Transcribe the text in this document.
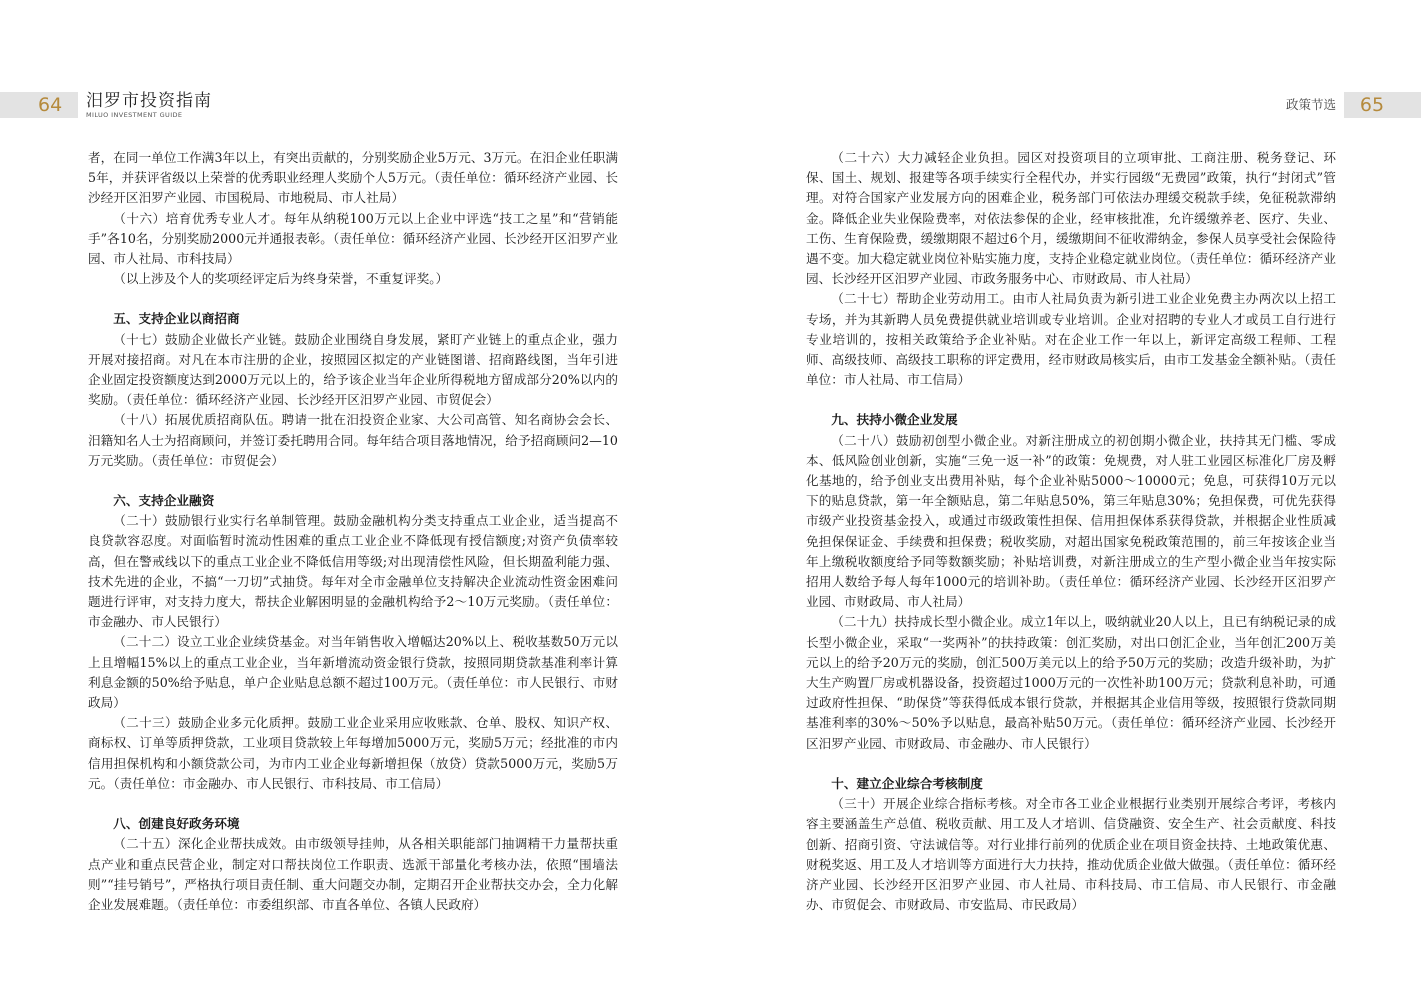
64	汨罗市投资指南
MILUO INVESTMENT GUIDE
政策节选	65

者，在同一单位工作满3年以上，有突出贡献的，分别奖励企业5万元、3万元。在汨企业任职满5年，并获评省级以上荣誉的优秀职业经理人奖励个人5万元。（责任单位：循环经济产业园、长沙经开区汨罗产业园、市国税局、市地税局、市人社局）

（十六）培育优秀专业人才。每年从纳税100万元以上企业中评选“技工之星”和“营销能手”各10名，分别奖励2000元并通报表彰。（责任单位：循环经济产业园、长沙经开区汨罗产业园、市人社局、市科技局）

（以上涉及个人的奖项经评定后为终身荣誉，不重复评奖。）

五、支持企业以商招商

（十七）鼓励企业做长产业链。鼓励企业围绕自身发展，紧盯产业链上的重点企业，强力开展对接招商。对凡在本市注册的企业，按照园区拟定的产业链图谱、招商路线图，当年引进企业固定投资额度达到2000万元以上的，给予该企业当年企业所得税地方留成部分20%以内的奖励。（责任单位：循环经济产业园、长沙经开区汨罗产业园、市贸促会）

（十八）拓展优质招商队伍。聘请一批在汨投资企业家、大公司高管、知名商协会会长、汨籍知名人士为招商顾问，并签订委托聘用合同。每年结合项目落地情况，给予招商顾问2—10万元奖励。（责任单位：市贸促会）

六、支持企业融资

（二十）鼓励银行业实行名单制管理。鼓励金融机构分类支持重点工业企业，适当提高不良贷款容忍度。对面临暂时流动性困难的重点工业企业不降低现有授信额度;对资产负债率较高，但在警戒线以下的重点工业企业不降低信用等级;对出现清偿性风险，但长期盈利能力强、技术先进的企业，不搞“一刀切”式抽贷。每年对全市金融单位支持解决企业流动性资金困难问题进行评审，对支持力度大，帮扶企业解困明显的金融机构给予2～10万元奖励。（责任单位：市金融办、市人民银行）

（二十二）设立工业企业续贷基金。对当年销售收入增幅达20%以上、税收基数50万元以上且增幅15%以上的重点工业企业，当年新增流动资金银行贷款，按照同期贷款基准利率计算利息金额的50%给予贴息，单户企业贴息总额不超过100万元。（责任单位：市人民银行、市财政局）

（二十三）鼓励企业多元化质押。鼓励工业企业采用应收账款、仓单、股权、知识产权、商标权、订单等质押贷款，工业项目贷款较上年每增加5000万元，奖励5万元；经批准的市内信用担保机构和小额贷款公司，为市内工业企业每新增担保（放贷）贷款5000万元，奖励5万元。（责任单位：市金融办、市人民银行、市科技局、市工信局）

八、创建良好政务环境

（二十五）深化企业帮扶成效。由市级领导挂帅，从各相关职能部门抽调精干力量帮扶重点产业和重点民营企业，制定对口帮扶岗位工作职责、选派干部量化考核办法，依照“围墙法则”“挂号销号”，严格执行项目责任制、重大问题交办制，定期召开企业帮扶交办会，全力化解企业发展难题。（责任单位：市委组织部、市直各单位、各镇人民政府）

（二十六）大力减轻企业负担。园区对投资项目的立项审批、工商注册、税务登记、环保、国土、规划、报建等各项手续实行全程代办，并实行园级“无费园”政策，执行“封闭式”管理。对符合国家产业发展方向的困难企业，税务部门可依法办理缓交税款手续，免征税款滞纳金。降低企业失业保险费率，对依法参保的企业，经审核批准，允许缓缴养老、医疗、失业、工伤、生育保险费，缓缴期限不超过6个月，缓缴期间不征收滞纳金，参保人员享受社会保险待遇不变。加大稳定就业岗位补贴实施力度，支持企业稳定就业岗位。（责任单位：循环经济产业园、长沙经开区汨罗产业园、市政务服务中心、市财政局、市人社局）

（二十七）帮助企业劳动用工。由市人社局负责为新引进工业企业免费主办两次以上招工专场，并为其新聘人员免费提供就业培训或专业培训。企业对招聘的专业人才或员工自行进行专业培训的，按相关政策给予企业补贴。对在企业工作一年以上，新评定高级工程师、工程师、高级技师、高级技工职称的评定费用，经市财政局核实后，由市工发基金全额补贴。（责任单位：市人社局、市工信局）

九、扶持小微企业发展

（二十八）鼓励初创型小微企业。对新注册成立的初创期小微企业，扶持其无门槛、零成本、低风险创业创新，实施“三免一返一补”的政策：免规费，对人驻工业园区标准化厂房及孵化基地的，给予创业支出费用补贴，每个企业补贴5000～10000元；免息，可获得10万元以下的贴息贷款，第一年全额贴息，第二年贴息50%，第三年贴息30%；免担保费，可优先获得市级产业投资基金投入，或通过市级政策性担保、信用担保体系获得贷款，并根据企业性质减免担保保证金、手续费和担保费；税收奖励，对超出国家免税政策范围的，前三年按该企业当年上缴税收额度给予同等数额奖励；补贴培训费，对新注册成立的生产型小微企业当年按实际招用人数给予每人每年1000元的培训补助。（责任单位：循环经济产业园、长沙经开区汨罗产业园、市财政局、市人社局）

（二十九）扶持成长型小微企业。成立1年以上，吸纳就业20人以上，且已有纳税记录的成长型小微企业，采取“一奖两补”的扶持政策：创汇奖励，对出口创汇企业，当年创汇200万美元以上的给予20万元的奖励，创汇500万美元以上的给予50万元的奖励；改造升级补助，为扩大生产购置厂房或机器设备，投资超过1000万元的一次性补助100万元；贷款利息补助，可通过政府性担保、“助保贷”等获得低成本银行贷款，并根据其企业信用等级，按照银行贷款同期基准利率的30%～50%予以贴息，最高补贴50万元。（责任单位：循环经济产业园、长沙经开区汨罗产业园、市财政局、市金融办、市人民银行）

十、建立企业综合考核制度

（三十）开展企业综合指标考核。对全市各工业企业根据行业类别开展综合考评，考核内容主要涵盖生产总值、税收贡献、用工及人才培训、信贷融资、安全生产、社会贡献度、科技创新、招商引资、守法诚信等。对行业排行前列的优质企业在项目资金扶持、土地政策优惠、财税奖返、用工及人才培训等方面进行大力扶持，推动优质企业做大做强。（责任单位：循环经济产业园、长沙经开区汨罗产业园、市人社局、市科技局、市工信局、市人民银行、市金融办、市贸促会、市财政局、市安监局、市民政局）
